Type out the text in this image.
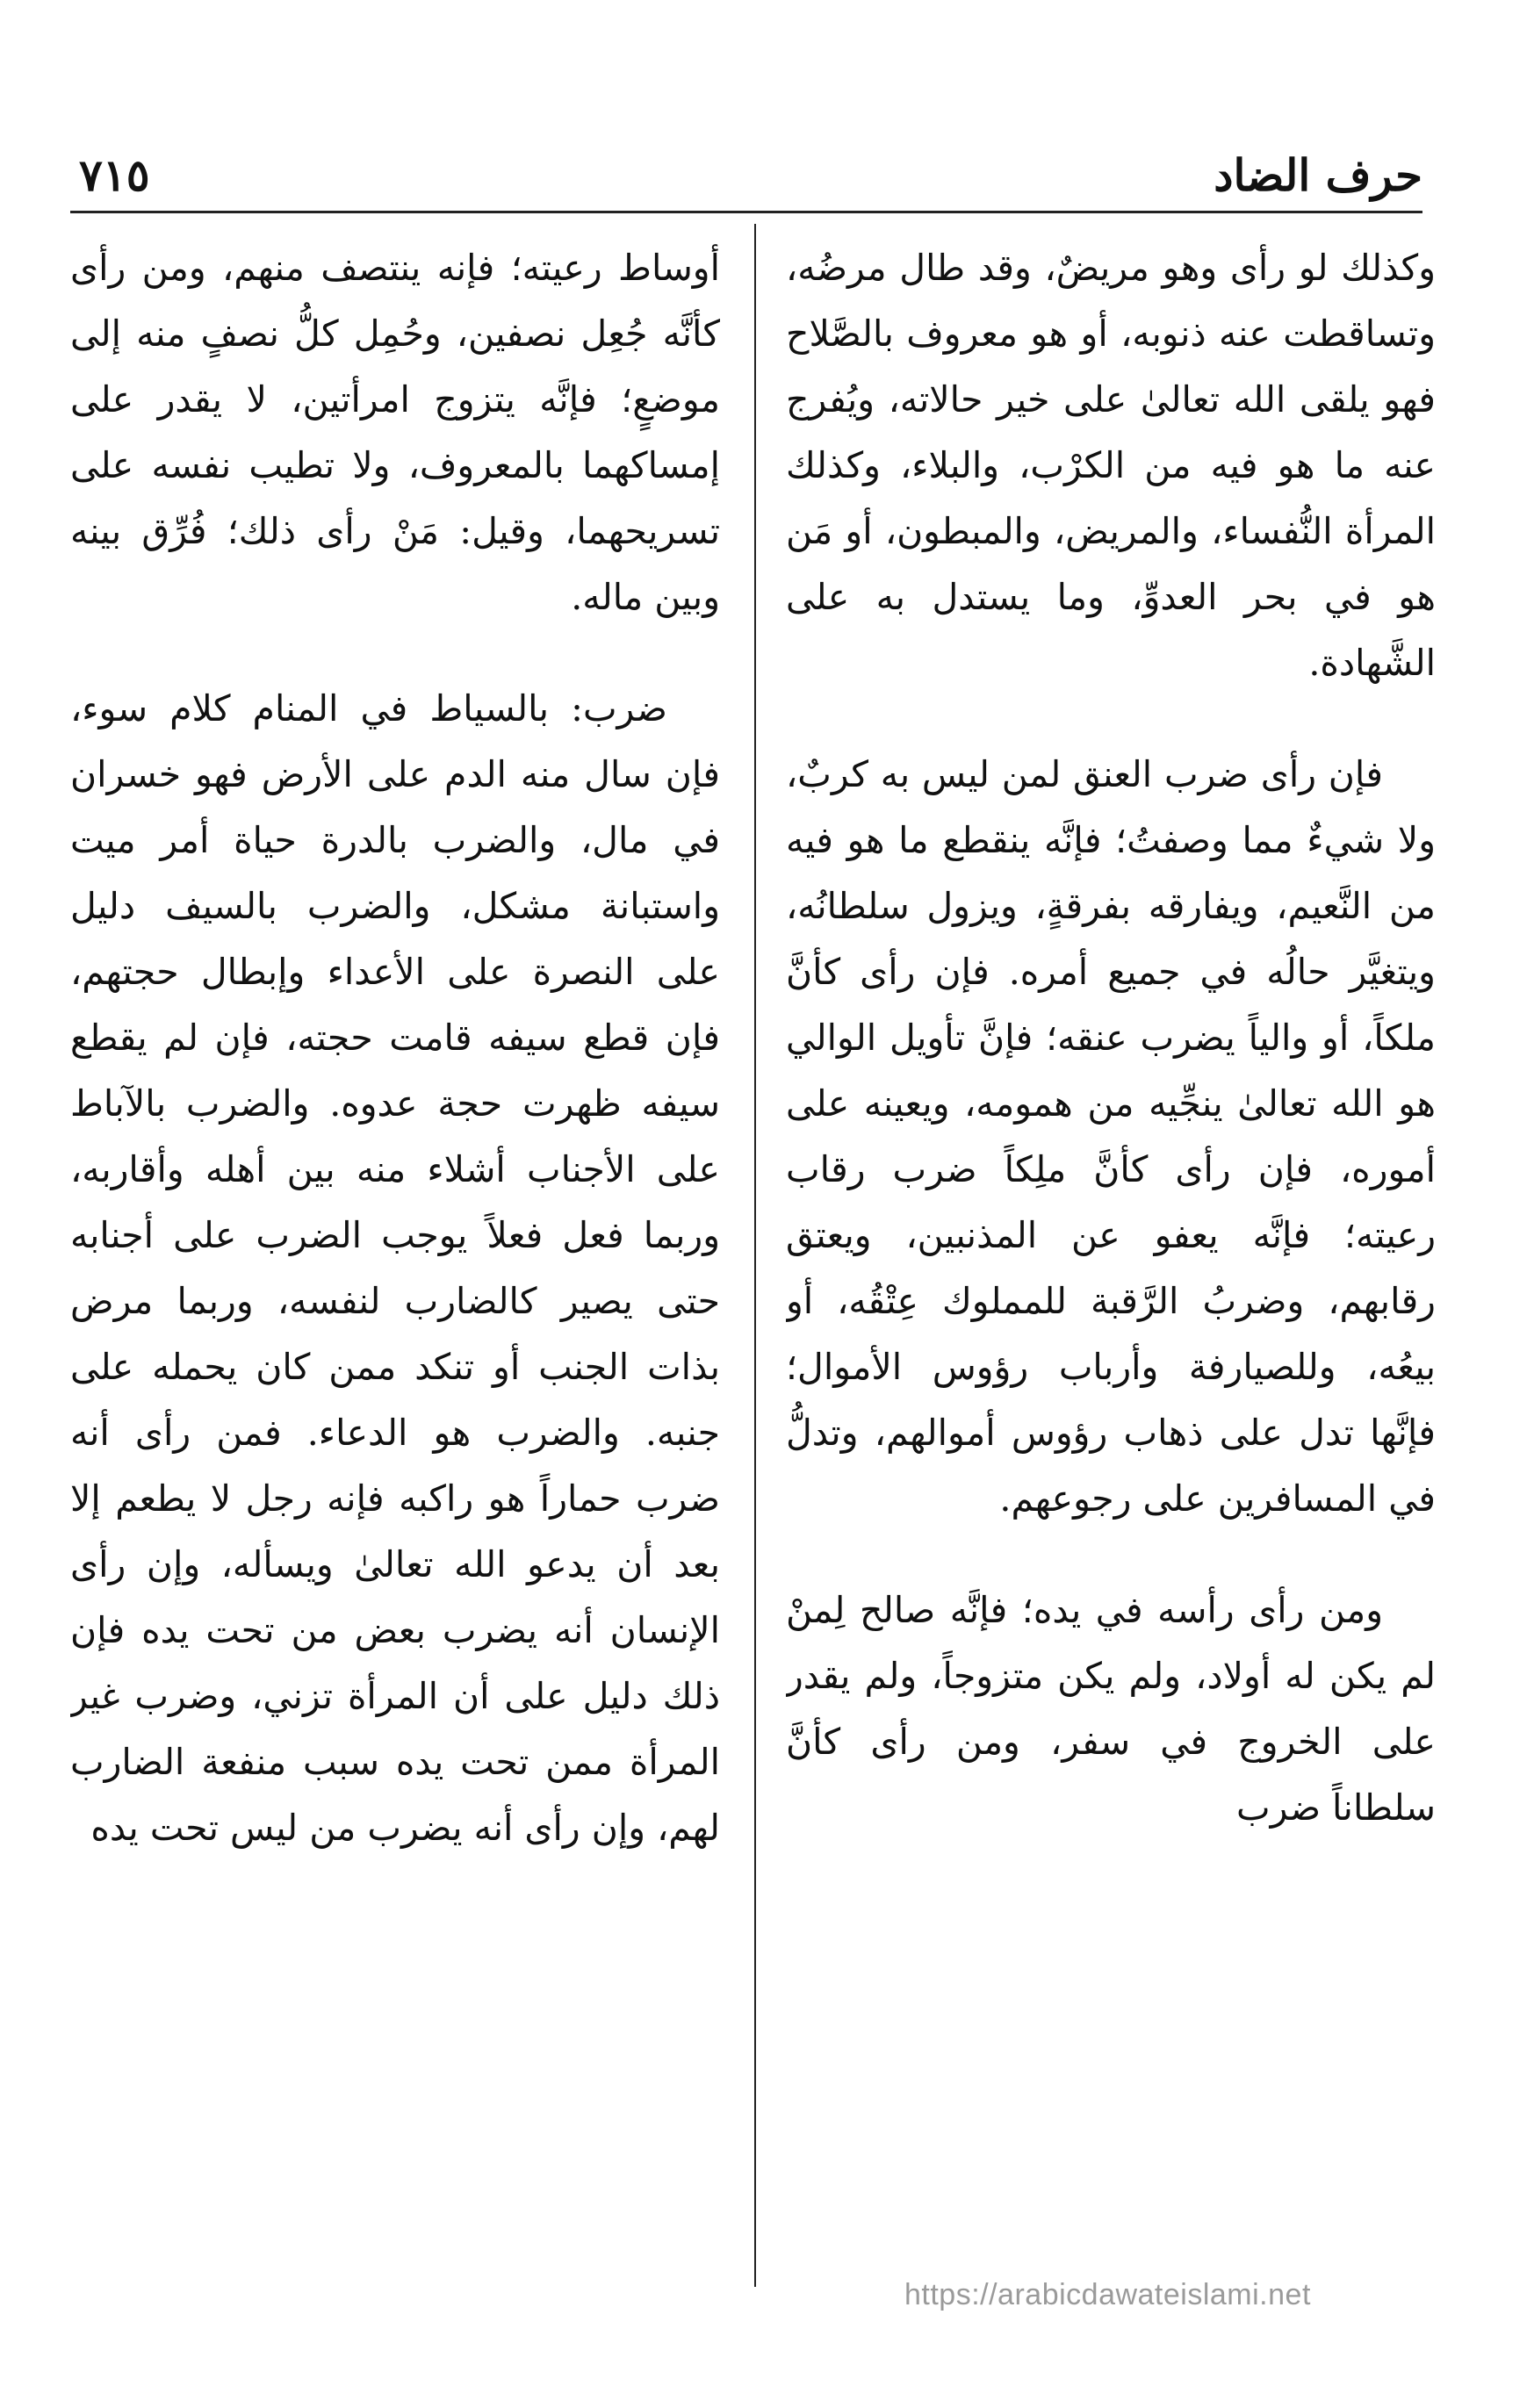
حرف الضاد
٧١٥

وكذلك لو رأى وهو مريضٌ، وقد طال مرضُه، وتساقطت عنه ذنوبه، أو هو معروف بالصَّلاح فهو يلقى الله تعالىٰ على خير حالاته، ويُفرج عنه ما هو فيه من الكرْب، والبلاء، وكذلك المرأة النُّفساء، والمريض، والمبطون، أو مَن هو في بحر العدوِّ، وما يستدل به على الشَّهادة.

فإن رأى ضرب العنق لمن ليس به كربٌ، ولا شيءٌ مما وصفتُ؛ فإنَّه ينقطع ما هو فيه من النَّعيم، ويفارقه بفرقةٍ، ويزول سلطانُه، ويتغيَّر حالُه في جميع أمره. فإن رأى كأنَّ ملكاً، أو والياً يضرب عنقه؛ فإنَّ تأويل الوالي هو الله تعالىٰ ينجِّيه من همومه، ويعينه على أموره، فإن رأى كأنَّ ملِكاً ضرب رقاب رعيته؛ فإنَّه يعفو عن المذنبين، ويعتق رقابهم، وضربُ الرَّقبة للمملوك عِتْقُه، أو بيعُه، وللصيارفة وأرباب رؤوس الأموال؛ فإنَّها تدل على ذهاب رؤوس أموالهم، وتدلُّ في المسافرين على رجوعهم.

ومن رأى رأسه في يده؛ فإنَّه صالح لِمنْ لم يكن له أولاد، ولم يكن متزوجاً، ولم يقدر على الخروج في سفر، ومن رأى كأنَّ سلطاناً ضرب

أوساط رعيته؛ فإنه ينتصف منهم، ومن رأى كأنَّه جُعِل نصفين، وحُمِل كلُّ نصفٍ منه إلى موضعٍ؛ فإنَّه يتزوج امرأتين، لا يقدر على إمساكهما بالمعروف، ولا تطيب نفسه على تسريحهما، وقيل: مَنْ رأى ذلك؛ فُرِّق بينه وبين ماله.

ضرب: بالسياط في المنام كلام سوء، فإن سال منه الدم على الأرض فهو خسران في مال، والضرب بالدرة حياة أمر ميت واستبانة مشكل، والضرب بالسيف دليل على النصرة على الأعداء وإبطال حجتهم، فإن قطع سيفه قامت حجته، فإن لم يقطع سيفه ظهرت حجة عدوه. والضرب بالآباط على الأجناب أشلاء منه بين أهله وأقاربه، وربما فعل فعلاً يوجب الضرب على أجنابه حتى يصير كالضارب لنفسه، وربما مرض بذات الجنب أو تنكد ممن كان يحمله على جنبه. والضرب هو الدعاء. فمن رأى أنه ضرب حماراً هو راكبه فإنه رجل لا يطعم إلا بعد أن يدعو الله تعالىٰ ويسأله، وإن رأى الإنسان أنه يضرب بعض من تحت يده فإن ذلك دليل على أن المرأة تزني، وضرب غير المرأة ممن تحت يده سبب منفعة الضارب لهم، وإن رأى أنه يضرب من ليس تحت يده

https://arabicdawateislami.net
